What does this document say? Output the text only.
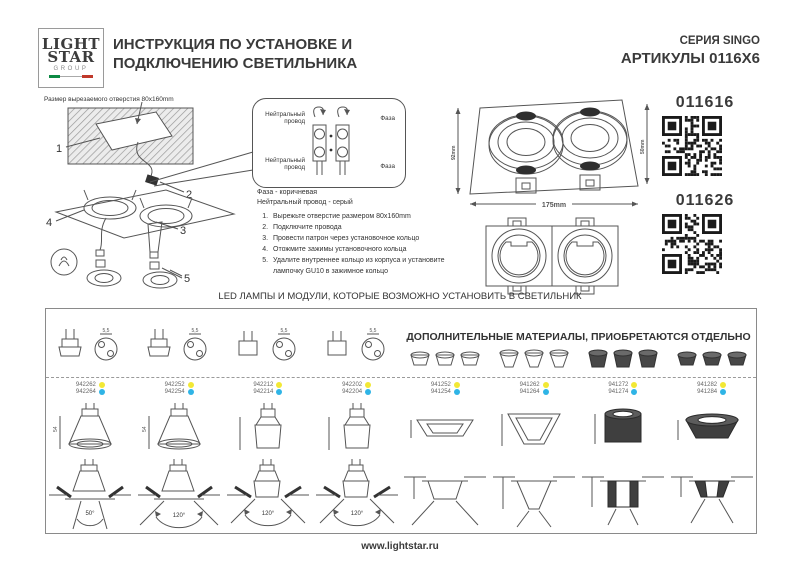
LIGHT
STAR
GROUP
ИНСТРУКЦИЯ ПО УСТАНОВКЕ И
ПОДКЛЮЧЕНИЮ СВЕТИЛЬНИКА
СЕРИЯ SINGO
АРТИКУЛЫ 0116X6
Размер вырезаемого отверстия 80x160mm
1
2
4
3
5
Нейтральный провод	Фаза
Нейтральный провод	Фаза
Фаза - коричневая
Нейтральный провод - серый
1. Вырежьте отверстие размером 80x160mm
2. Подключите провода
3. Провести патрон через установочное кольцо
4. Отожмите зажимы установочного кольца
5. Удалите внутреннее кольцо из корпуса и установите лампочку GU10 в зажимное кольцо
92mm	50mm
175mm
011616
011626
LED ЛАМПЫ И МОДУЛИ, КОТОРЫЕ ВОЗМОЖНО УСТАНОВИТЬ В СВЕТИЛЬНИК
ДОПОЛНИТЕЛЬНЫЕ МАТЕРИАЛЫ, ПРИОБРЕТАЮТСЯ ОТДЕЛЬНО
5,5
942262
942264
54
50°
5,5
942252
942254
54
120°
5,5
942212
942214
120°
5,5
942202
942204
120°
941252
941254
941262
941264
941272
941274
941282
941284
www.lightstar.ru
